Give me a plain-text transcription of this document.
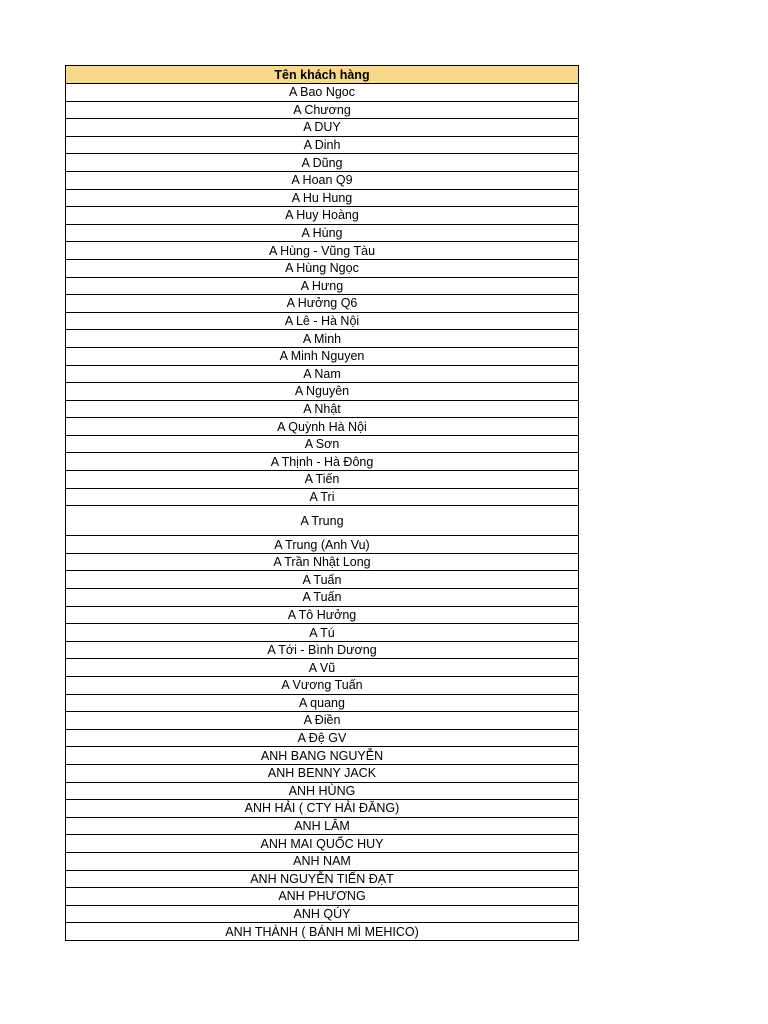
Tên khách hàng
A Bao Ngoc
A Chương
A DUY
A Dinh
A Dũng
A Hoan Q9
A Hu Hung
A Huy Hoàng
A Hùng
A Hùng - Vũng Tàu
A Hùng Ngọc
A Hưng
A Hưởng Q6
A Lê - Hà Nội
A Minh
A Minh Nguyen
A Nam
A Nguyên
A Nhật
A Quỳnh Hà Nội
A Sơn
A Thịnh - Hà Đông
A Tiến
A Tri
A Trung
A Trung (Anh Vu)
A Trần Nhật Long
A Tuấn
A Tuấn
A Tô Hưởng
A Tú
A Tới - Bình Dương
A Vũ
A Vương Tuấn
A quang
A Điền
A Đệ GV
ANH BANG NGUYỄN
ANH BENNY JACK
ANH HÙNG
ANH HẢI ( CTY HẢI ĐĂNG)
ANH LÂM
ANH MAI QUỐC HUY
ANH NAM
ANH NGUYỄN TIẾN ĐẠT
ANH PHƯƠNG
ANH QÚY
ANH THÀNH ( BÁNH MÌ MEHICO)
